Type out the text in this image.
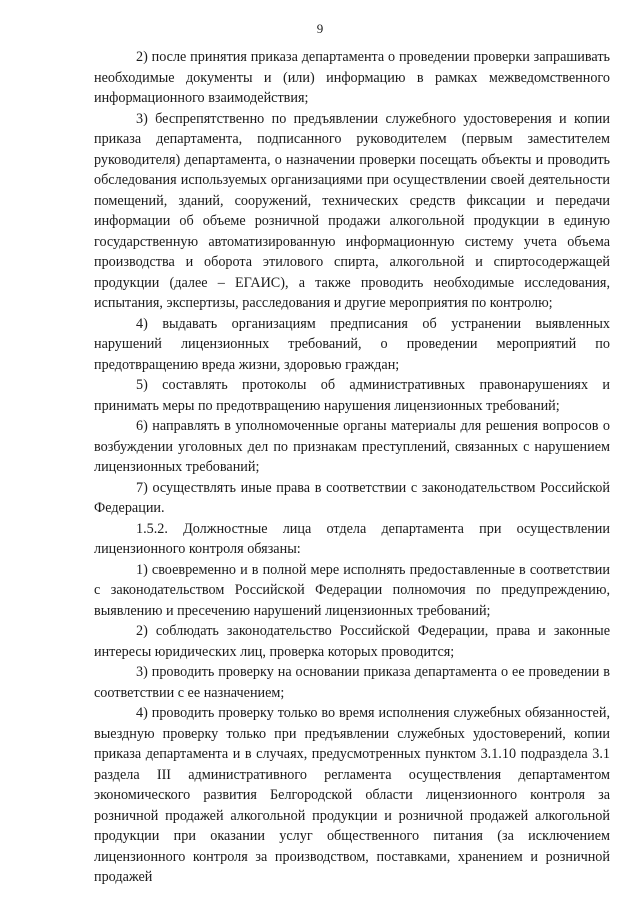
9

2) после принятия приказа департамента о проведении проверки запрашивать необходимые документы и (или) информацию в рамках межведомственного информационного взаимодействия;

3) беспрепятственно по предъявлении служебного удостоверения и копии приказа департамента, подписанного руководителем (первым заместителем руководителя) департамента, о назначении проверки посещать объекты и проводить обследования используемых организациями при осуществлении своей деятельности помещений, зданий, сооружений, технических средств фиксации и передачи информации об объеме розничной продажи алкогольной продукции в единую государственную автоматизированную информационную систему учета объема производства и оборота этилового спирта, алкогольной и спиртосодержащей продукции (далее – ЕГАИС), а также проводить необходимые исследования, испытания, экспертизы, расследования и другие мероприятия по контролю;

4) выдавать организациям предписания об устранении выявленных нарушений лицензионных требований, о проведении мероприятий по предотвращению вреда жизни, здоровью граждан;

5) составлять протоколы об административных правонарушениях и принимать меры по предотвращению нарушения лицензионных требований;

6) направлять в уполномоченные органы материалы для решения вопросов о возбуждении уголовных дел по признакам преступлений, связанных с нарушением лицензионных требований;

7) осуществлять иные права в соответствии с законодательством Российской Федерации.

1.5.2. Должностные лица отдела департамента при осуществлении лицензионного контроля обязаны:

1) своевременно и в полной мере исполнять предоставленные в соответствии с законодательством Российской Федерации полномочия по предупреждению, выявлению и пресечению нарушений лицензионных требований;

2) соблюдать законодательство Российской Федерации, права и законные интересы юридических лиц, проверка которых проводится;

3) проводить проверку на основании приказа департамента о ее проведении в соответствии с ее назначением;

4) проводить проверку только во время исполнения служебных обязанностей, выездную проверку только при предъявлении служебных удостоверений, копии приказа департамента и в случаях, предусмотренных пунктом 3.1.10 подраздела 3.1 раздела III административного регламента осуществления департаментом экономического развития Белгородской области лицензионного контроля за розничной продажей алкогольной продукции и розничной продажей алкогольной продукции при оказании услуг общественного питания (за исключением лицензионного контроля за производством, поставками, хранением и розничной продажей
